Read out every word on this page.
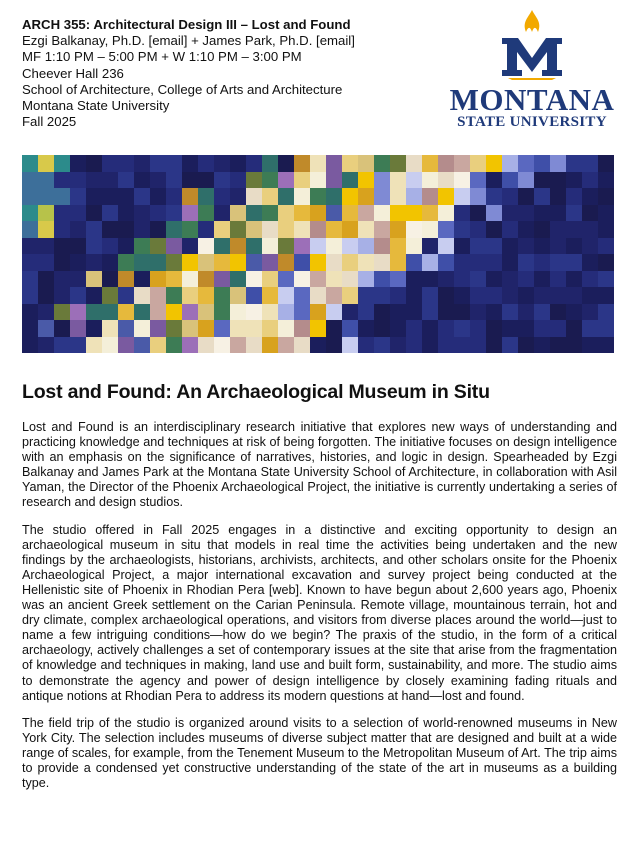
ARCH 355: Architectural Design III – Lost and Found
Ezgi Balkanay, Ph.D. [email] + James Park, Ph.D. [email]
MF 1:10 PM – 5:00 PM + W 1:10 PM – 3:00 PM
Cheever Hall 236
School of Architecture, College of Arts and Architecture
Montana State University
Fall 2025
MONTANA
STATE UNIVERSITY
Lost and Found: An Archaeological Museum in Situ

Lost and Found is an interdisciplinary research initiative that explores new ways of understanding and practicing knowledge and techniques at risk of being forgotten. The initiative focuses on design intelligence with an emphasis on the significance of narratives, histories, and logic in design. Spearheaded by Ezgi Balkanay and James Park at the Montana State University School of Architecture, in collaboration with Asil Yaman, the Director of the Phoenix Archaeological Project, the initiative is currently undertaking a series of research and design studios.

The studio offered in Fall 2025 engages in a distinctive and exciting opportunity to design an archaeological museum in situ that models in real time the activities being undertaken and the new findings by the archaeologists, historians, archivists, architects, and other scholars onsite for the Phoenix Archaeological Project, a major international excavation and survey project being conducted at the Hellenistic site of Phoenix in Rhodian Pera [web]. Known to have begun about 2,600 years ago, Phoenix was an ancient Greek settlement on the Carian Peninsula. Remote village, mountainous terrain, hot and dry climate, complex archaeological operations, and visitors from diverse places around the world—just to name a few intriguing conditions—how do we begin? The praxis of the studio, in the form of a critical archaeology, actively challenges a set of contemporary issues at the site that arise from the fragmentation of knowledge and techniques in making, land use and built form, sustainability, and more. The studio aims to demonstrate the agency and power of design intelligence by closely examining fading rituals and antique notions at Rhodian Pera to address its modern questions at hand—lost and found.

The field trip of the studio is organized around visits to a selection of world-renowned museums in New York City. The selection includes museums of diverse subject matter that are designed and built at a wide range of scales, for example, from the Tenement Museum to the Metropolitan Museum of Art. The trip aims to provide a condensed yet constructive understanding of the state of the art in museums as a building type.
